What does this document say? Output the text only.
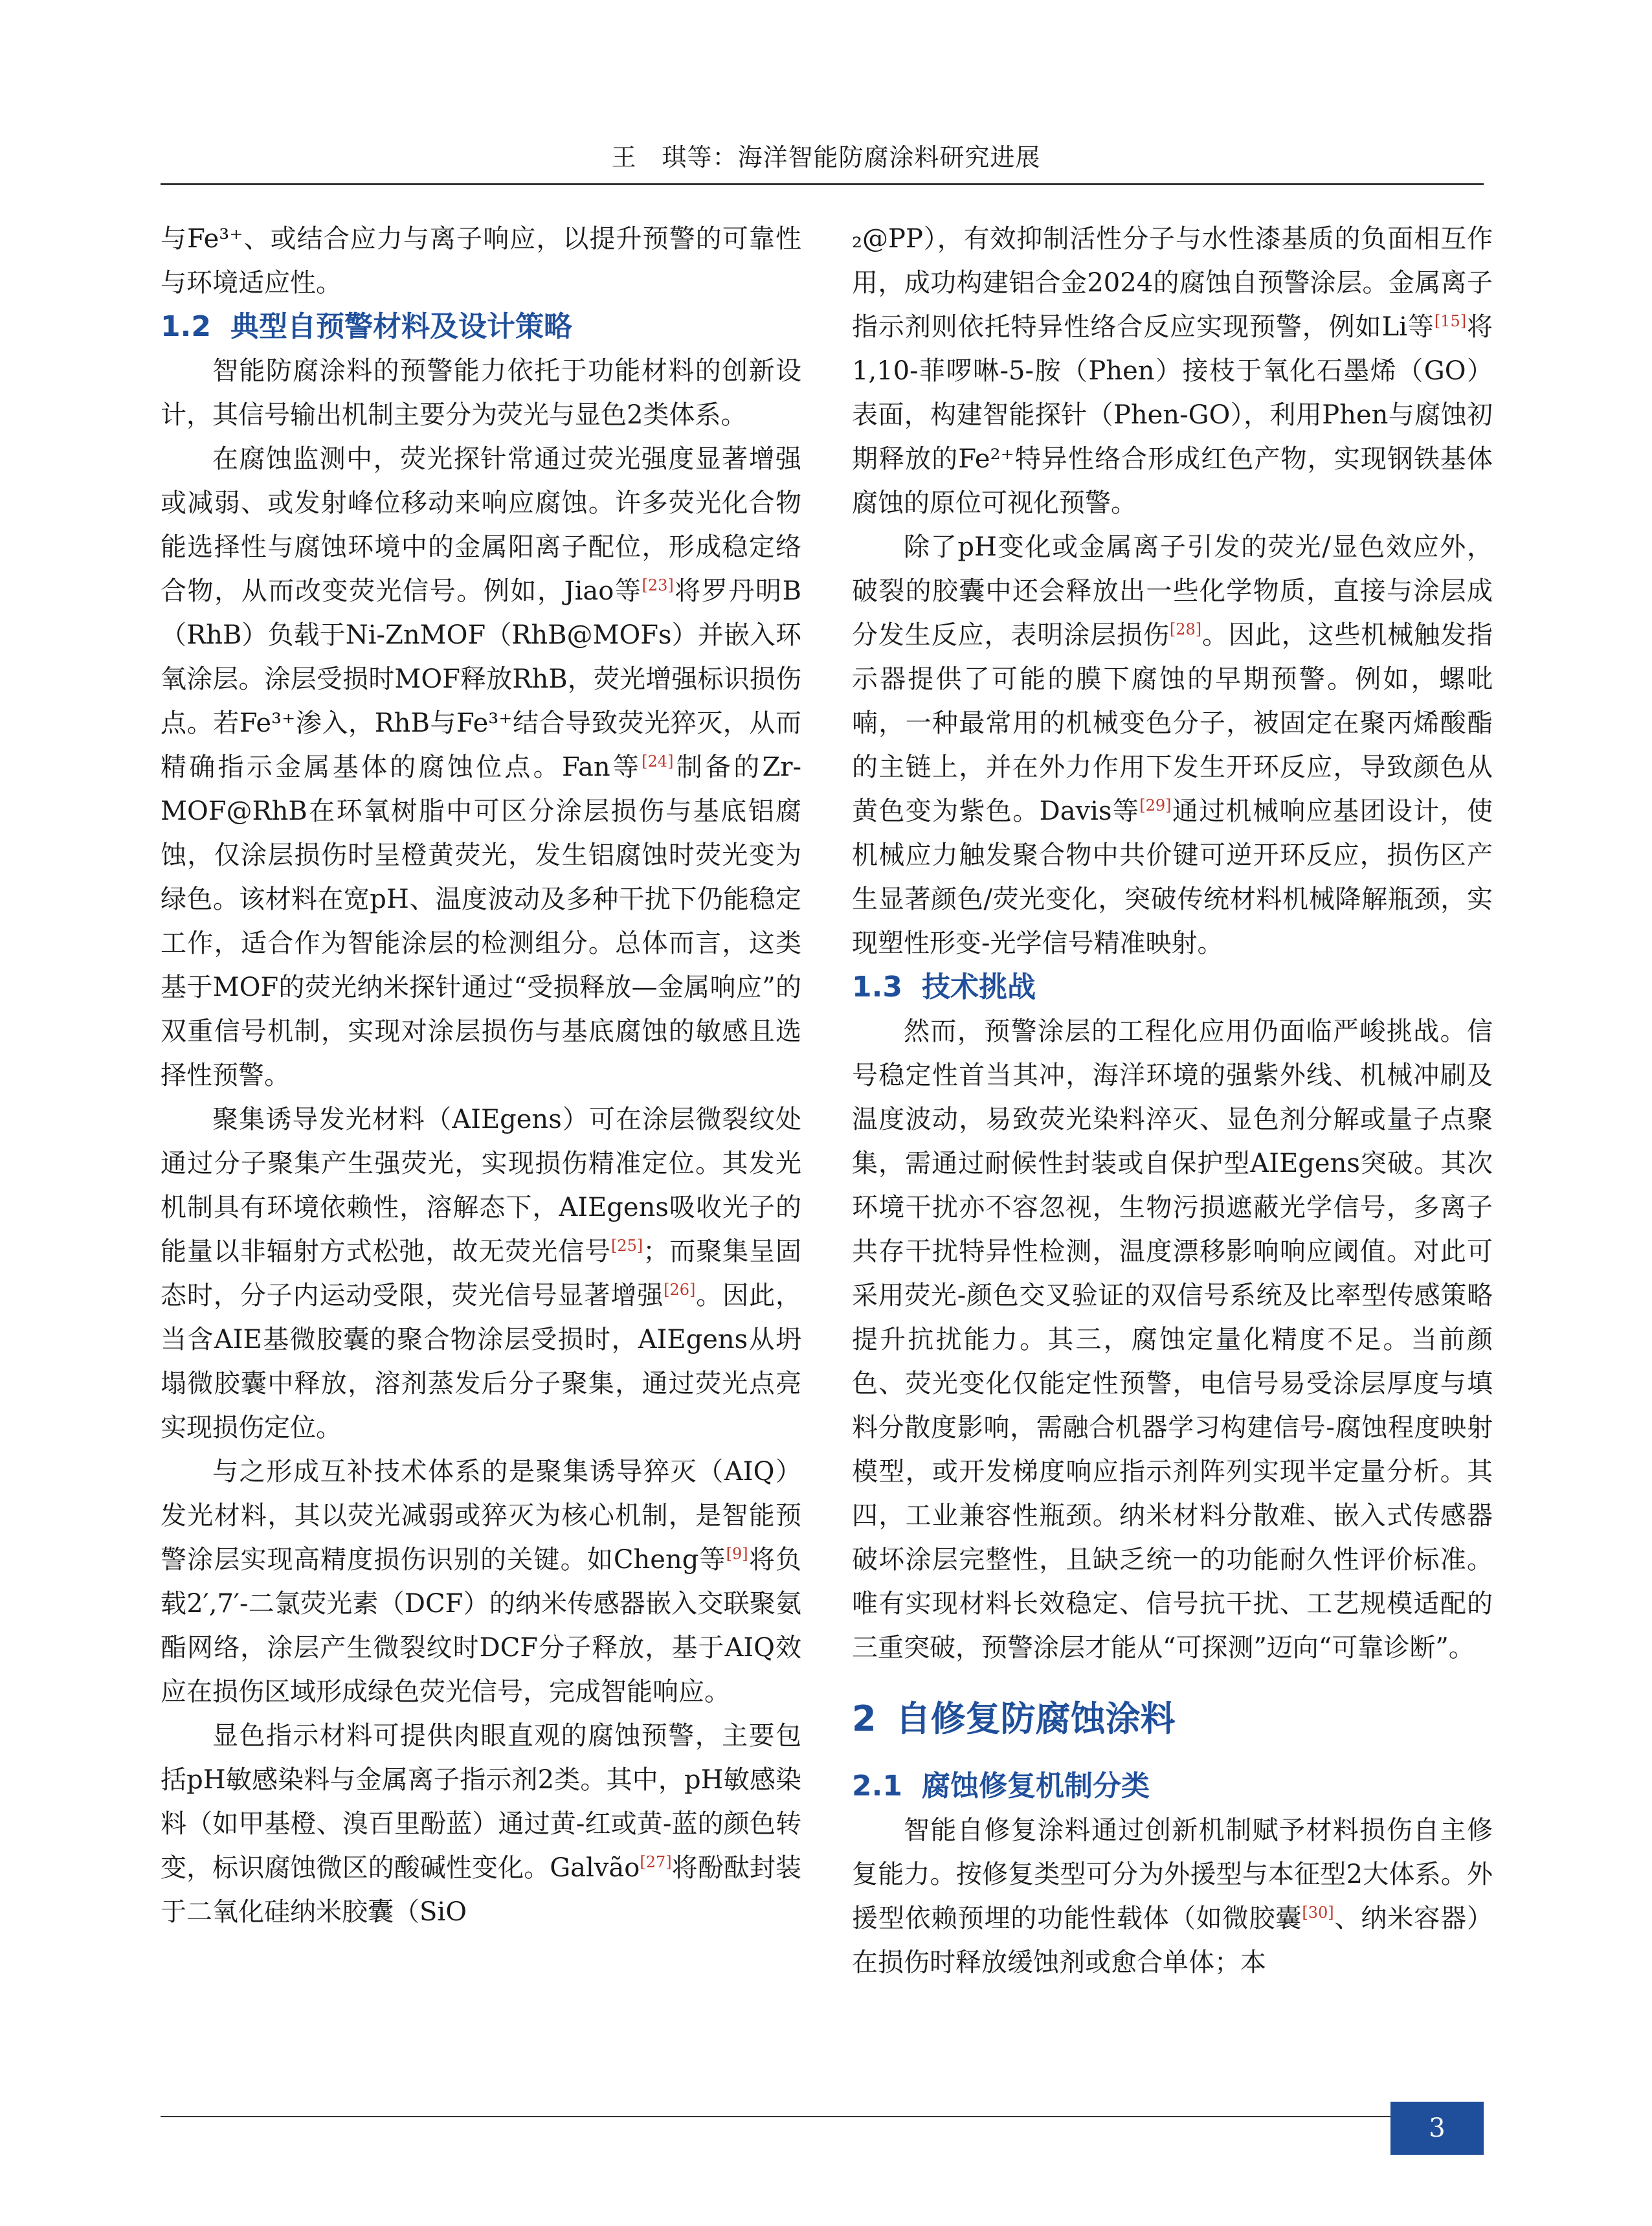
王　琪等：海洋智能防腐涂料研究进展

与Fe³⁺、或结合应力与离子响应，以提升预警的可靠性与环境适应性。

1.2 典型自预警材料及设计策略

智能防腐涂料的预警能力依托于功能材料的创新设计，其信号输出机制主要分为荧光与显色2类体系。

在腐蚀监测中，荧光探针常通过荧光强度显著增强或减弱、或发射峰位移动来响应腐蚀。许多荧光化合物能选择性与腐蚀环境中的金属阳离子配位，形成稳定络合物，从而改变荧光信号。例如，Jiao等[23]将罗丹明B（RhB）负载于Ni-ZnMOF（RhB@MOFs）并嵌入环氧涂层。涂层受损时MOF释放RhB，荧光增强标识损伤点。若Fe³⁺渗入，RhB与Fe³⁺结合导致荧光猝灭，从而精确指示金属基体的腐蚀位点。Fan等[24]制备的Zr-MOF@RhB在环氧树脂中可区分涂层损伤与基底铝腐蚀，仅涂层损伤时呈橙黄荧光，发生铝腐蚀时荧光变为绿色。该材料在宽pH、温度波动及多种干扰下仍能稳定工作，适合作为智能涂层的检测组分。总体而言，这类基于MOF的荧光纳米探针通过“受损释放—金属响应”的双重信号机制，实现对涂层损伤与基底腐蚀的敏感且选择性预警。

聚集诱导发光材料（AIEgens）可在涂层微裂纹处通过分子聚集产生强荧光，实现损伤精准定位。其发光机制具有环境依赖性，溶解态下，AIEgens吸收光子的能量以非辐射方式松弛，故无荧光信号[25]；而聚集呈固态时，分子内运动受限，荧光信号显著增强[26]。因此，当含AIE基微胶囊的聚合物涂层受损时，AIEgens从坍塌微胶囊中释放，溶剂蒸发后分子聚集，通过荧光点亮实现损伤定位。

与之形成互补技术体系的是聚集诱导猝灭（AIQ）发光材料，其以荧光减弱或猝灭为核心机制，是智能预警涂层实现高精度损伤识别的关键。如Cheng等[9]将负载2′,7′-二氯荧光素（DCF）的纳米传感器嵌入交联聚氨酯网络，涂层产生微裂纹时DCF分子释放，基于AIQ效应在损伤区域形成绿色荧光信号，完成智能响应。

显色指示材料可提供肉眼直观的腐蚀预警，主要包括pH敏感染料与金属离子指示剂2类。其中，pH敏感染料（如甲基橙、溴百里酚蓝）通过黄-红或黄-蓝的颜色转变，标识腐蚀微区的酸碱性变化。Galvão[27]将酚酞封装于二氧化硅纳米胶囊（SiO

₂@PP），有效抑制活性分子与水性漆基质的负面相互作用，成功构建铝合金2024的腐蚀自预警涂层。金属离子指示剂则依托特异性络合反应实现预警，例如Li等[15]将1,10-菲啰啉-5-胺（Phen）接枝于氧化石墨烯（GO）表面，构建智能探针（Phen-GO），利用Phen与腐蚀初期释放的Fe²⁺特异性络合形成红色产物，实现钢铁基体腐蚀的原位可视化预警。

除了pH变化或金属离子引发的荧光/显色效应外，破裂的胶囊中还会释放出一些化学物质，直接与涂层成分发生反应，表明涂层损伤[28]。因此，这些机械触发指示器提供了可能的膜下腐蚀的早期预警。例如，螺吡喃，一种最常用的机械变色分子，被固定在聚丙烯酸酯的主链上，并在外力作用下发生开环反应，导致颜色从黄色变为紫色。Davis等[29]通过机械响应基团设计，使机械应力触发聚合物中共价键可逆开环反应，损伤区产生显著颜色/荧光变化，突破传统材料机械降解瓶颈，实现塑性形变-光学信号精准映射。

1.3 技术挑战

然而，预警涂层的工程化应用仍面临严峻挑战。信号稳定性首当其冲，海洋环境的强紫外线、机械冲刷及温度波动，易致荧光染料淬灭、显色剂分解或量子点聚集，需通过耐候性封装或自保护型AIEgens突破。其次环境干扰亦不容忽视，生物污损遮蔽光学信号，多离子共存干扰特异性检测，温度漂移影响响应阈值。对此可采用荧光-颜色交叉验证的双信号系统及比率型传感策略提升抗扰能力。其三，腐蚀定量化精度不足。当前颜色、荧光变化仅能定性预警，电信号易受涂层厚度与填料分散度影响，需融合机器学习构建信号-腐蚀程度映射模型，或开发梯度响应指示剂阵列实现半定量分析。其四，工业兼容性瓶颈。纳米材料分散难、嵌入式传感器破坏涂层完整性，且缺乏统一的功能耐久性评价标准。唯有实现材料长效稳定、信号抗干扰、工艺规模适配的三重突破，预警涂层才能从“可探测”迈向“可靠诊断”。

2 自修复防腐蚀涂料
2.1 腐蚀修复机制分类

智能自修复涂料通过创新机制赋予材料损伤自主修复能力。按修复类型可分为外援型与本征型2大体系。外援型依赖预埋的功能性载体（如微胶囊[30]、纳米容器）在损伤时释放缓蚀剂或愈合单体；本

3
